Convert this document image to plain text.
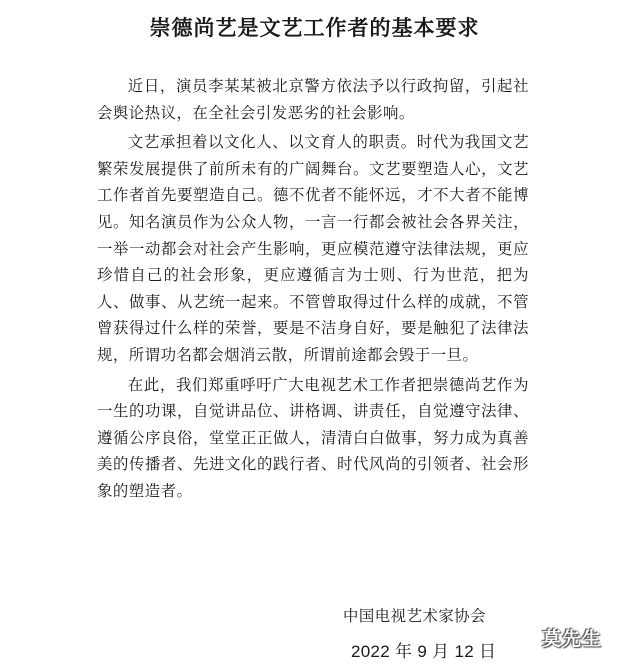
崇德尚艺是文艺工作者的基本要求

近日，演员李某某被北京警方依法予以行政拘留，引起社会舆论热议，在全社会引发恶劣的社会影响。

文艺承担着以文化人、以文育人的职责。时代为我国文艺繁荣发展提供了前所未有的广阔舞台。文艺要塑造人心，文艺工作者首先要塑造自己。德不优者不能怀远，才不大者不能博见。知名演员作为公众人物，一言一行都会被社会各界关注，一举一动都会对社会产生影响，更应模范遵守法律法规，更应珍惜自己的社会形象，更应遵循言为士则、行为世范，把为人、做事、从艺统一起来。不管曾取得过什么样的成就，不管曾获得过什么样的荣誉，要是不洁身自好，要是触犯了法律法规，所谓功名都会烟消云散，所谓前途都会毁于一旦。

在此，我们郑重呼吁广大电视艺术工作者把崇德尚艺作为一生的功课，自觉讲品位、讲格调、讲责任，自觉遵守法律、遵循公序良俗，堂堂正正做人，清清白白做事，努力成为真善美的传播者、先进文化的践行者、时代风尚的引领者、社会形象的塑造者。

中国电视艺术家协会

2022 年 9 月 12 日

莫先生
